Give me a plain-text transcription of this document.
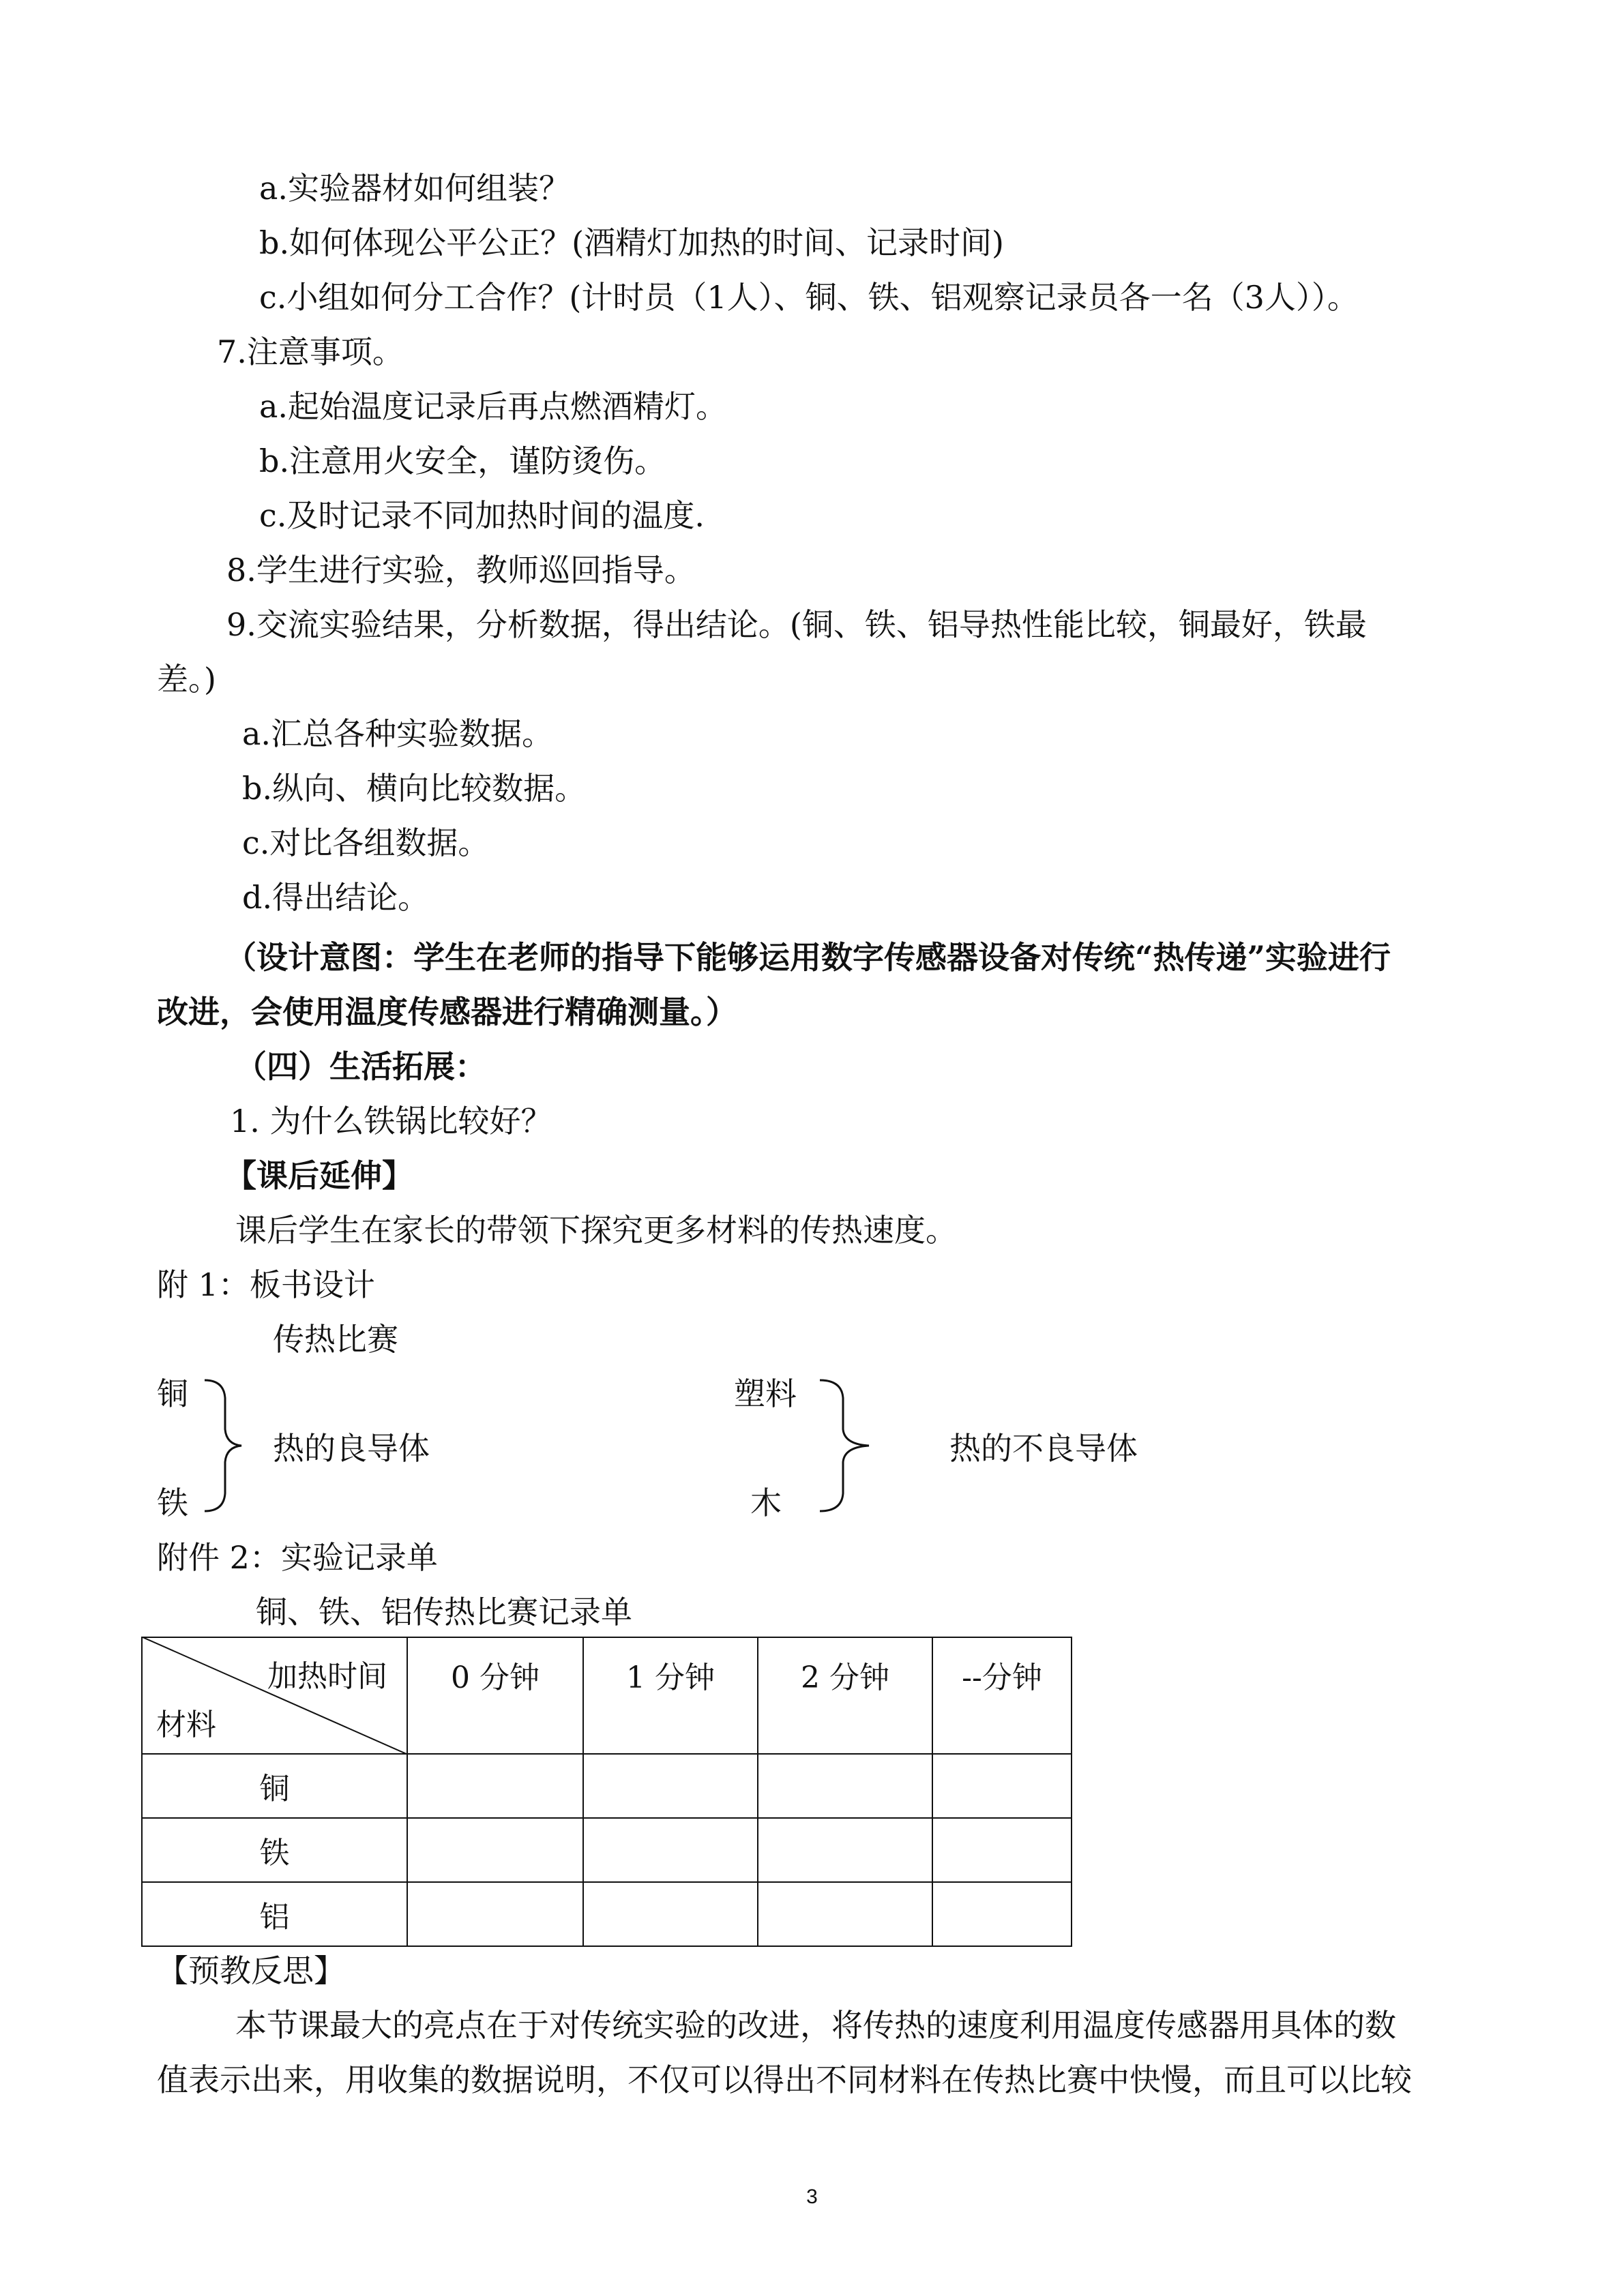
a.实验器材如何组装？
b.如何体现公平公正？(酒精灯加热的时间、记录时间)
c.小组如何分工合作？(计时员（1人）、铜、铁、铝观察记录员各一名（3人））。
7.注意事项。
a.起始温度记录后再点燃酒精灯。
b.注意用火安全，谨防烫伤。
c.及时记录不同加热时间的温度.
8.学生进行实验，教师巡回指导。
9.交流实验结果，分析数据，得出结论。(铜、铁、铝导热性能比较，铜最好，铁最
差。)
a.汇总各种实验数据。
b.纵向、横向比较数据。
c.对比各组数据。
d.得出结论。
（设计意图：学生在老师的指导下能够运用数字传感器设备对传统“热传递”实验进行
改进，会使用温度传感器进行精确测量。）
（四）生活拓展：
1. 为什么铁锅比较好？
【课后延伸】
课后学生在家长的带领下探究更多材料的传热速度。
附 1：板书设计
传热比赛
铜
铁
热的良导体
塑料
木
热的不良导体
附件 2：实验记录单
铜、铁、铝传热比赛记录单
加热时间
材料	0 分钟	1 分钟	2 分钟	--分钟
铜				
铁				
铝				
【预教反思】
本节课最大的亮点在于对传统实验的改进，将传热的速度利用温度传感器用具体的数
值表示出来，用收集的数据说明，不仅可以得出不同材料在传热比赛中快慢，而且可以比较
3
